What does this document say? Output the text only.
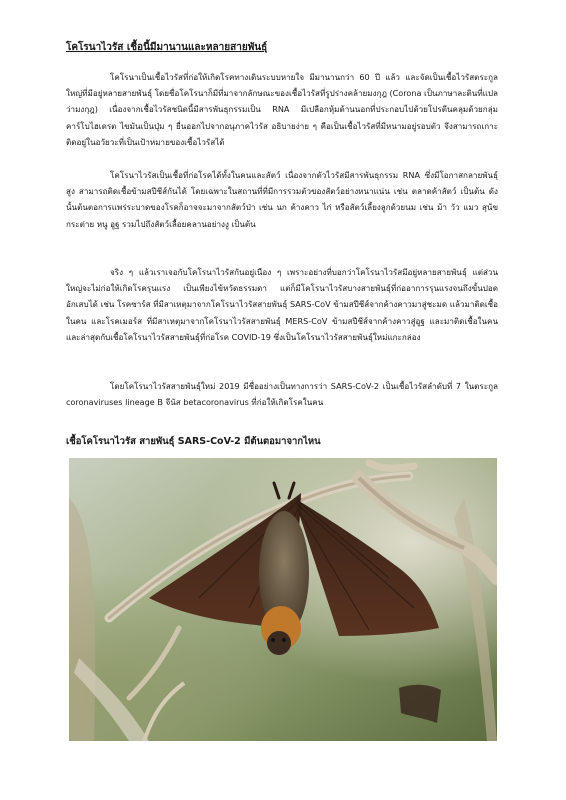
โคโรนาไวรัส เชื้อนี้มีมานานและหลายสายพันธุ์

โคโรนาเป็นเชื้อไวรัสที่ก่อให้เกิดโรคทางเดินระบบหายใจ มีมานานกว่า 60 ปี แล้ว และจัดเป็นเชื้อไวรัสตระกูลใหญ่ที่มีอยู่หลายสายพันธุ์ โดยชื่อโคโรนาก็มีที่มาจากลักษณะของเชื้อไวรัสที่รูปร่างคล้ายมงกุฎ (Corona เป็นภาษาละตินที่แปลว่ามงกุฎ) เนื่องจากเชื้อไวรัสชนิดนี้มีสารพันธุกรรมเป็น RNA มีเปลือกหุ้มด้านนอกที่ประกอบไปด้วยโปรตีนคลุมด้วยกลุ่มคาร์โบไฮเดรต ไขมันเป็นปุ่ม ๆ ยื่นออกไปจากอนุภาคไวรัส อธิบายง่าย ๆ คือเป็นเชื้อไวรัสที่มีหนามอยู่รอบตัว จึงสามารถเกาะติดอยู่ในอวัยวะที่เป็นเป้าหมายของเชื้อไวรัสได้

โคโรนาไวรัสเป็นเชื้อที่ก่อโรคได้ทั้งในคนและสัตว์ เนื่องจากตัวไวรัสมีสารพันธุกรรม RNA ซึ่งมีโอกาสกลายพันธุ์สูง สามารถติดเชื้อข้ามสปีชีส์กันได้ โดยเฉพาะในสถานที่ที่มีการรวมตัวของสัตว์อย่างหนาแน่น เช่น ตลาดค้าสัตว์ เป็นต้น ดังนั้นต้นตอการแพร่ระบาดของโรคก็อาจจะมาจากสัตว์ป่า เช่น นก ค้างคาว ไก่ หรือสัตว์เลี้ยงลูกด้วยนม เช่น ม้า วัว แมว สุนัข กระต่าย หนู อูฐ รวมไปถึงสัตว์เลื้อยคลานอย่างงู เป็นต้น

จริง ๆ แล้วเราเจอกับโคโรนาไวรัสกันอยู่เนือง ๆ เพราะอย่างที่บอกว่าโคโรนาไวรัสมีอยู่หลายสายพันธุ์ แต่ส่วนใหญ่จะไม่ก่อให้เกิดโรครุนแรง เป็นเพียงไข้หวัดธรรมดา แต่ก็มีโคโรนาไวรัสบางสายพันธุ์ที่ก่ออาการรุนแรงจนถึงขั้นปอดอักเสบได้ เช่น โรคซาร์ส ที่มีสาเหตุมาจากโคโรนาไวรัสสายพันธุ์ SARS-CoV ข้ามสปีชีส์จากค้างคาวมาสู่ชะมด แล้วมาติดเชื้อในคน และโรคเมอร์ส ที่มีสาเหตุมาจากโคโรนาไวรัสสายพันธุ์ MERS-CoV ข้ามสปีชีส์จากค้างคาวสู่อูฐ และมาติดเชื้อในคน และล่าสุดกับเชื้อโคโรนาไวรัสสายพันธุ์ที่ก่อโรค COVID-19 ซึ่งเป็นโคโรนาไวรัสสายพันธุ์ใหม่แกะกล่อง

โดยโคโรนาไวรัสสายพันธุ์ใหม่ 2019 มีชื่ออย่างเป็นทางการว่า SARS-CoV-2 เป็นเชื้อไวรัสลำดับที่ 7 ในตระกูล coronaviruses lineage B จีนัส betacoronavirus ที่ก่อให้เกิดโรคในคน

เชื้อโคโรนาไวรัส สายพันธุ์ SARS-CoV-2 มีต้นตอมาจากไหน
